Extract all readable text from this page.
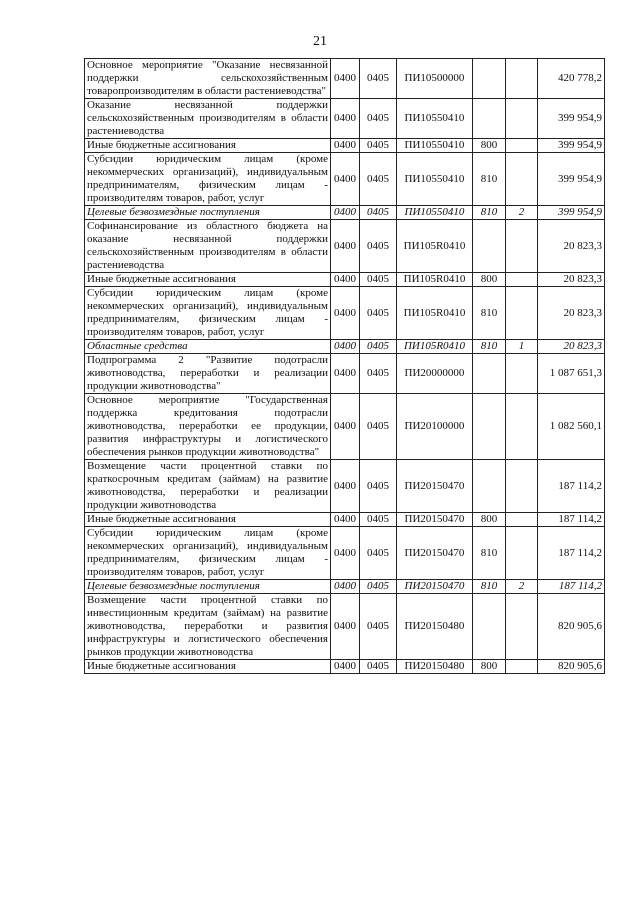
21
Основное мероприятие "Оказание несвязанной поддержки сельскохозяйственным товаропроизводителям в области растениеводства"	0400	0405	ПИ10500000			420 778,2
Оказание несвязанной поддержки сельскохозяйственным производителям в области растениеводства	0400	0405	ПИ10550410			399 954,9
Иные бюджетные ассигнования	0400	0405	ПИ10550410	800		399 954,9
Субсидии юридическим лицам (кроме некоммерческих организаций), индивидуальным предпринимателям, физическим лицам - производителям товаров, работ, услуг	0400	0405	ПИ10550410	810		399 954,9
Целевые безвозмездные поступления	0400	0405	ПИ10550410	810	2	399 954,9
Софинансирование из областного бюджета на оказание несвязанной поддержки сельскохозяйственным производителям в области растениеводства	0400	0405	ПИ105R0410			20 823,3
Иные бюджетные ассигнования	0400	0405	ПИ105R0410	800		20 823,3
Субсидии юридическим лицам (кроме некоммерческих организаций), индивидуальным предпринимателям, физическим лицам - производителям товаров, работ, услуг	0400	0405	ПИ105R0410	810		20 823,3
Областные средства	0400	0405	ПИ105R0410	810	1	20 823,3
Подпрограмма 2 "Развитие подотрасли животноводства, переработки и реализации продукции животноводства"	0400	0405	ПИ20000000			1 087 651,3
Основное мероприятие "Государственная поддержка кредитования подотрасли животноводства, переработки ее продукции, развития инфраструктуры и логистического обеспечения рынков продукции животноводства"	0400	0405	ПИ20100000			1 082 560,1
Возмещение части процентной ставки по краткосрочным кредитам (займам) на развитие животноводства, переработки и реализации продукции животноводства	0400	0405	ПИ20150470			187 114,2
Иные бюджетные ассигнования	0400	0405	ПИ20150470	800		187 114,2
Субсидии юридическим лицам (кроме некоммерческих организаций), индивидуальным предпринимателям, физическим лицам - производителям товаров, работ, услуг	0400	0405	ПИ20150470	810		187 114,2
Целевые безвозмездные поступления	0400	0405	ПИ20150470	810	2	187 114,2
Возмещение части процентной ставки по инвестиционным кредитам (займам) на развитие животноводства, переработки и развития инфраструктуры и логистического обеспечения рынков продукции животноводства	0400	0405	ПИ20150480			820 905,6
Иные бюджетные ассигнования	0400	0405	ПИ20150480	800		820 905,6
